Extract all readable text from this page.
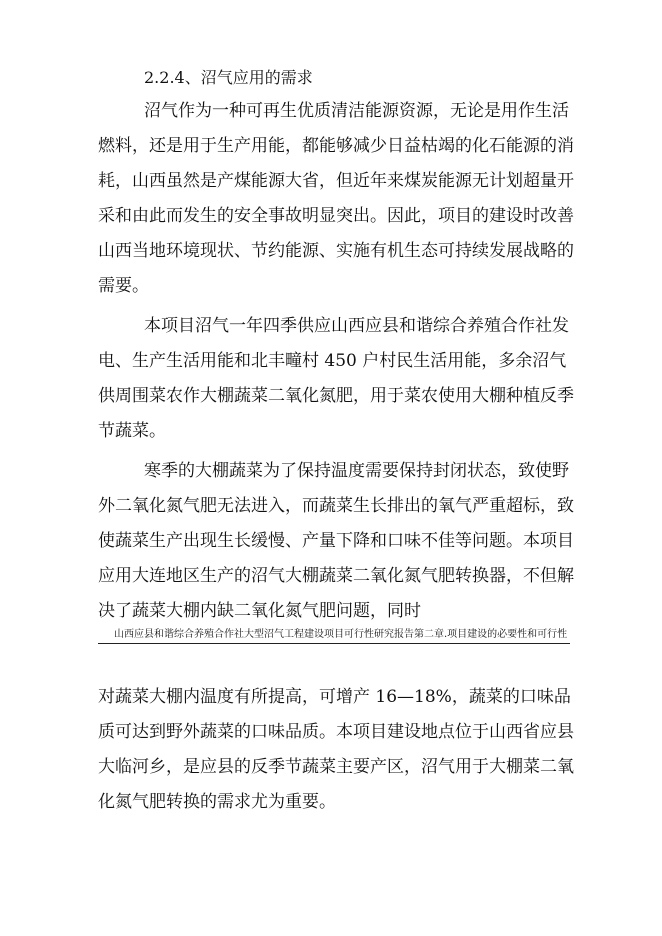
2.2.4、沼气应用的需求
沼气作为一种可再生优质清洁能源资源，无论是用作生活
燃料，还是用于生产用能，都能够减少日益枯竭的化石能源的消
耗，山西虽然是产煤能源大省，但近年来煤炭能源无计划超量开
采和由此而发生的安全事故明显突出。因此，项目的建设时改善
山西当地环境现状、节约能源、实施有机生态可持续发展战略的
需要。
本项目沼气一年四季供应山西应县和谐综合养殖合作社发
电、生产生活用能和北丰疃村 450 户村民生活用能，多余沼气
供周围菜农作大棚蔬菜二氧化氮肥，用于菜农使用大棚种植反季
节蔬菜。
寒季的大棚蔬菜为了保持温度需要保持封闭状态，致使野
外二氧化氮气肥无法进入，而蔬菜生长排出的氧气严重超标，致
使蔬菜生产出现生长缓慢、产量下降和口味不佳等问题。本项目
应用大连地区生产的沼气大棚蔬菜二氧化氮气肥转换器，不但解
决了蔬菜大棚内缺二氧化氮气肥问题，同时
山西应县和谐综合养殖合作社大型沼气工程建设项目可行性研究报告第二章.项目建设的必要性和可行性
对蔬菜大棚内温度有所提高，可增产 16—18%，蔬菜的口味品
质可达到野外蔬菜的口味品质。本项目建设地点位于山西省应县
大临河乡，是应县的反季节蔬菜主要产区，沼气用于大棚菜二氧
化氮气肥转换的需求尤为重要。
